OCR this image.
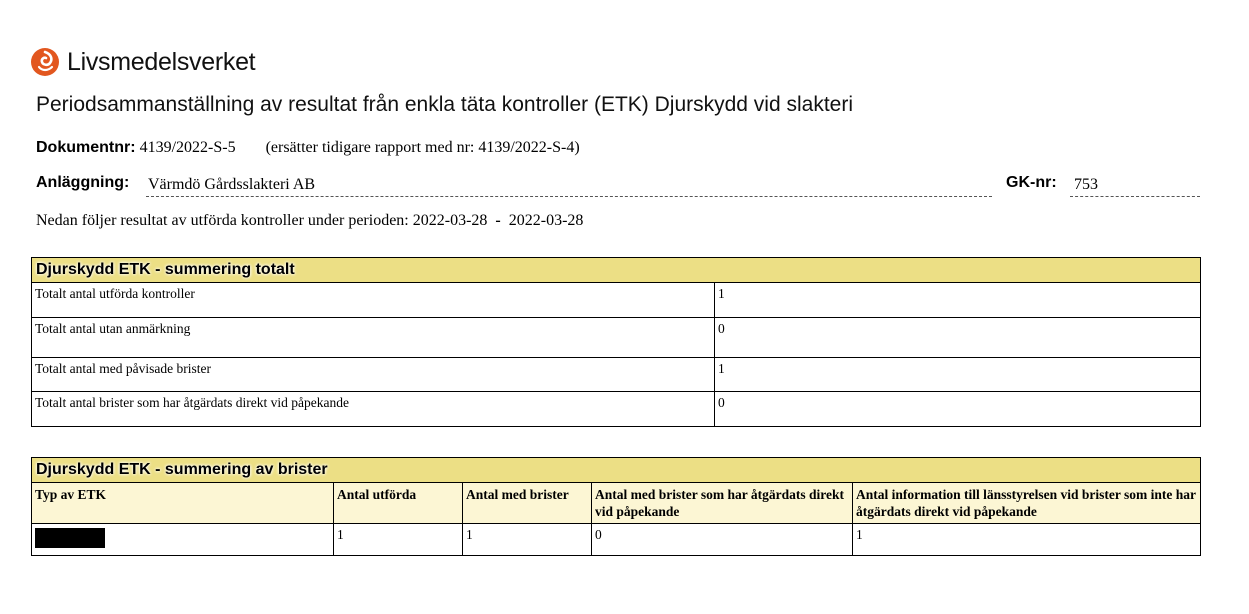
Livsmedelsverket
Periodsammanställning av resultat från enkla täta kontroller (ETK) Djurskydd vid slakteri
Dokumentnr: 4139/2022-S-5 (ersätter tidigare rapport med nr: 4139/2022-S-4)
Anläggning: Värmdö Gårdsslakteri AB	GK-nr: 753
Nedan följer resultat av utförda kontroller under perioden: 2022-03-28 - 2022-03-28
Djurskydd ETK - summering totalt	
Totalt antal utförda kontroller	1
Totalt antal utan anmärkning	0
Totalt antal med påvisade brister	1
Totalt antal brister som har åtgärdats direkt vid påpekande	0
Djurskydd ETK - summering av brister				
Typ av ETK	Antal utförda	Antal med brister	Antal med brister som har åtgärdats direkt vid påpekande	Antal information till länsstyrelsen vid brister som inte har åtgärdats direkt vid påpekande
	1	1	0	1
